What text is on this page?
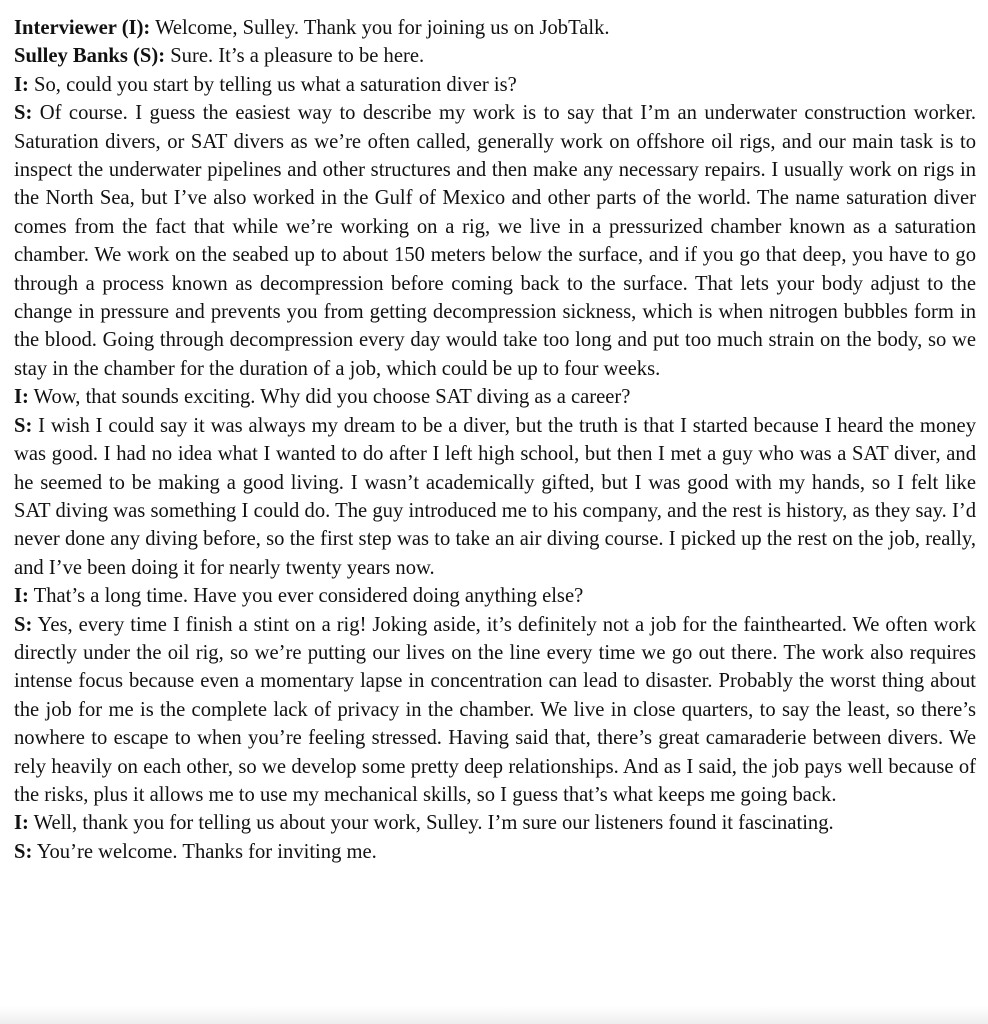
Interviewer (I): Welcome, Sulley. Thank you for joining us on JobTalk.

Sulley Banks (S): Sure. It’s a pleasure to be here.

I: So, could you start by telling us what a saturation diver is?

S: Of course. I guess the easiest way to describe my work is to say that I’m an underwater construction worker. Saturation divers, or SAT divers as we’re often called, generally work on offshore oil rigs, and our main task is to inspect the underwater pipelines and other structures and then make any necessary repairs. I usually work on rigs in the North Sea, but I’ve also worked in the Gulf of Mexico and other parts of the world. The name saturation diver comes from the fact that while we’re working on a rig, we live in a pressurized chamber known as a saturation chamber. We work on the seabed up to about 150 meters below the surface, and if you go that deep, you have to go through a process known as decompression before coming back to the surface. That lets your body adjust to the change in pressure and prevents you from getting decompression sickness, which is when nitrogen bubbles form in the blood. Going through decompression every day would take too long and put too much strain on the body, so we stay in the chamber for the duration of a job, which could be up to four weeks.

I: Wow, that sounds exciting. Why did you choose SAT diving as a career?

S: I wish I could say it was always my dream to be a diver, but the truth is that I started because I heard the money was good. I had no idea what I wanted to do after I left high school, but then I met a guy who was a SAT diver, and he seemed to be making a good living. I wasn’t academically gifted, but I was good with my hands, so I felt like SAT diving was something I could do. The guy introduced me to his company, and the rest is history, as they say. I’d never done any diving before, so the first step was to take an air diving course. I picked up the rest on the job, really, and I’ve been doing it for nearly twenty years now.

I: That’s a long time. Have you ever considered doing anything else?

S: Yes, every time I finish a stint on a rig! Joking aside, it’s definitely not a job for the fainthearted. We often work directly under the oil rig, so we’re putting our lives on the line every time we go out there. The work also requires intense focus because even a momentary lapse in concentration can lead to disaster. Probably the worst thing about the job for me is the complete lack of privacy in the chamber. We live in close quarters, to say the least, so there’s nowhere to escape to when you’re feeling stressed. Having said that, there’s great camaraderie between divers. We rely heavily on each other, so we develop some pretty deep relationships. And as I said, the job pays well because of the risks, plus it allows me to use my mechanical skills, so I guess that’s what keeps me going back.

I: Well, thank you for telling us about your work, Sulley. I’m sure our listeners found it fascinating.

S: You’re welcome. Thanks for inviting me.
